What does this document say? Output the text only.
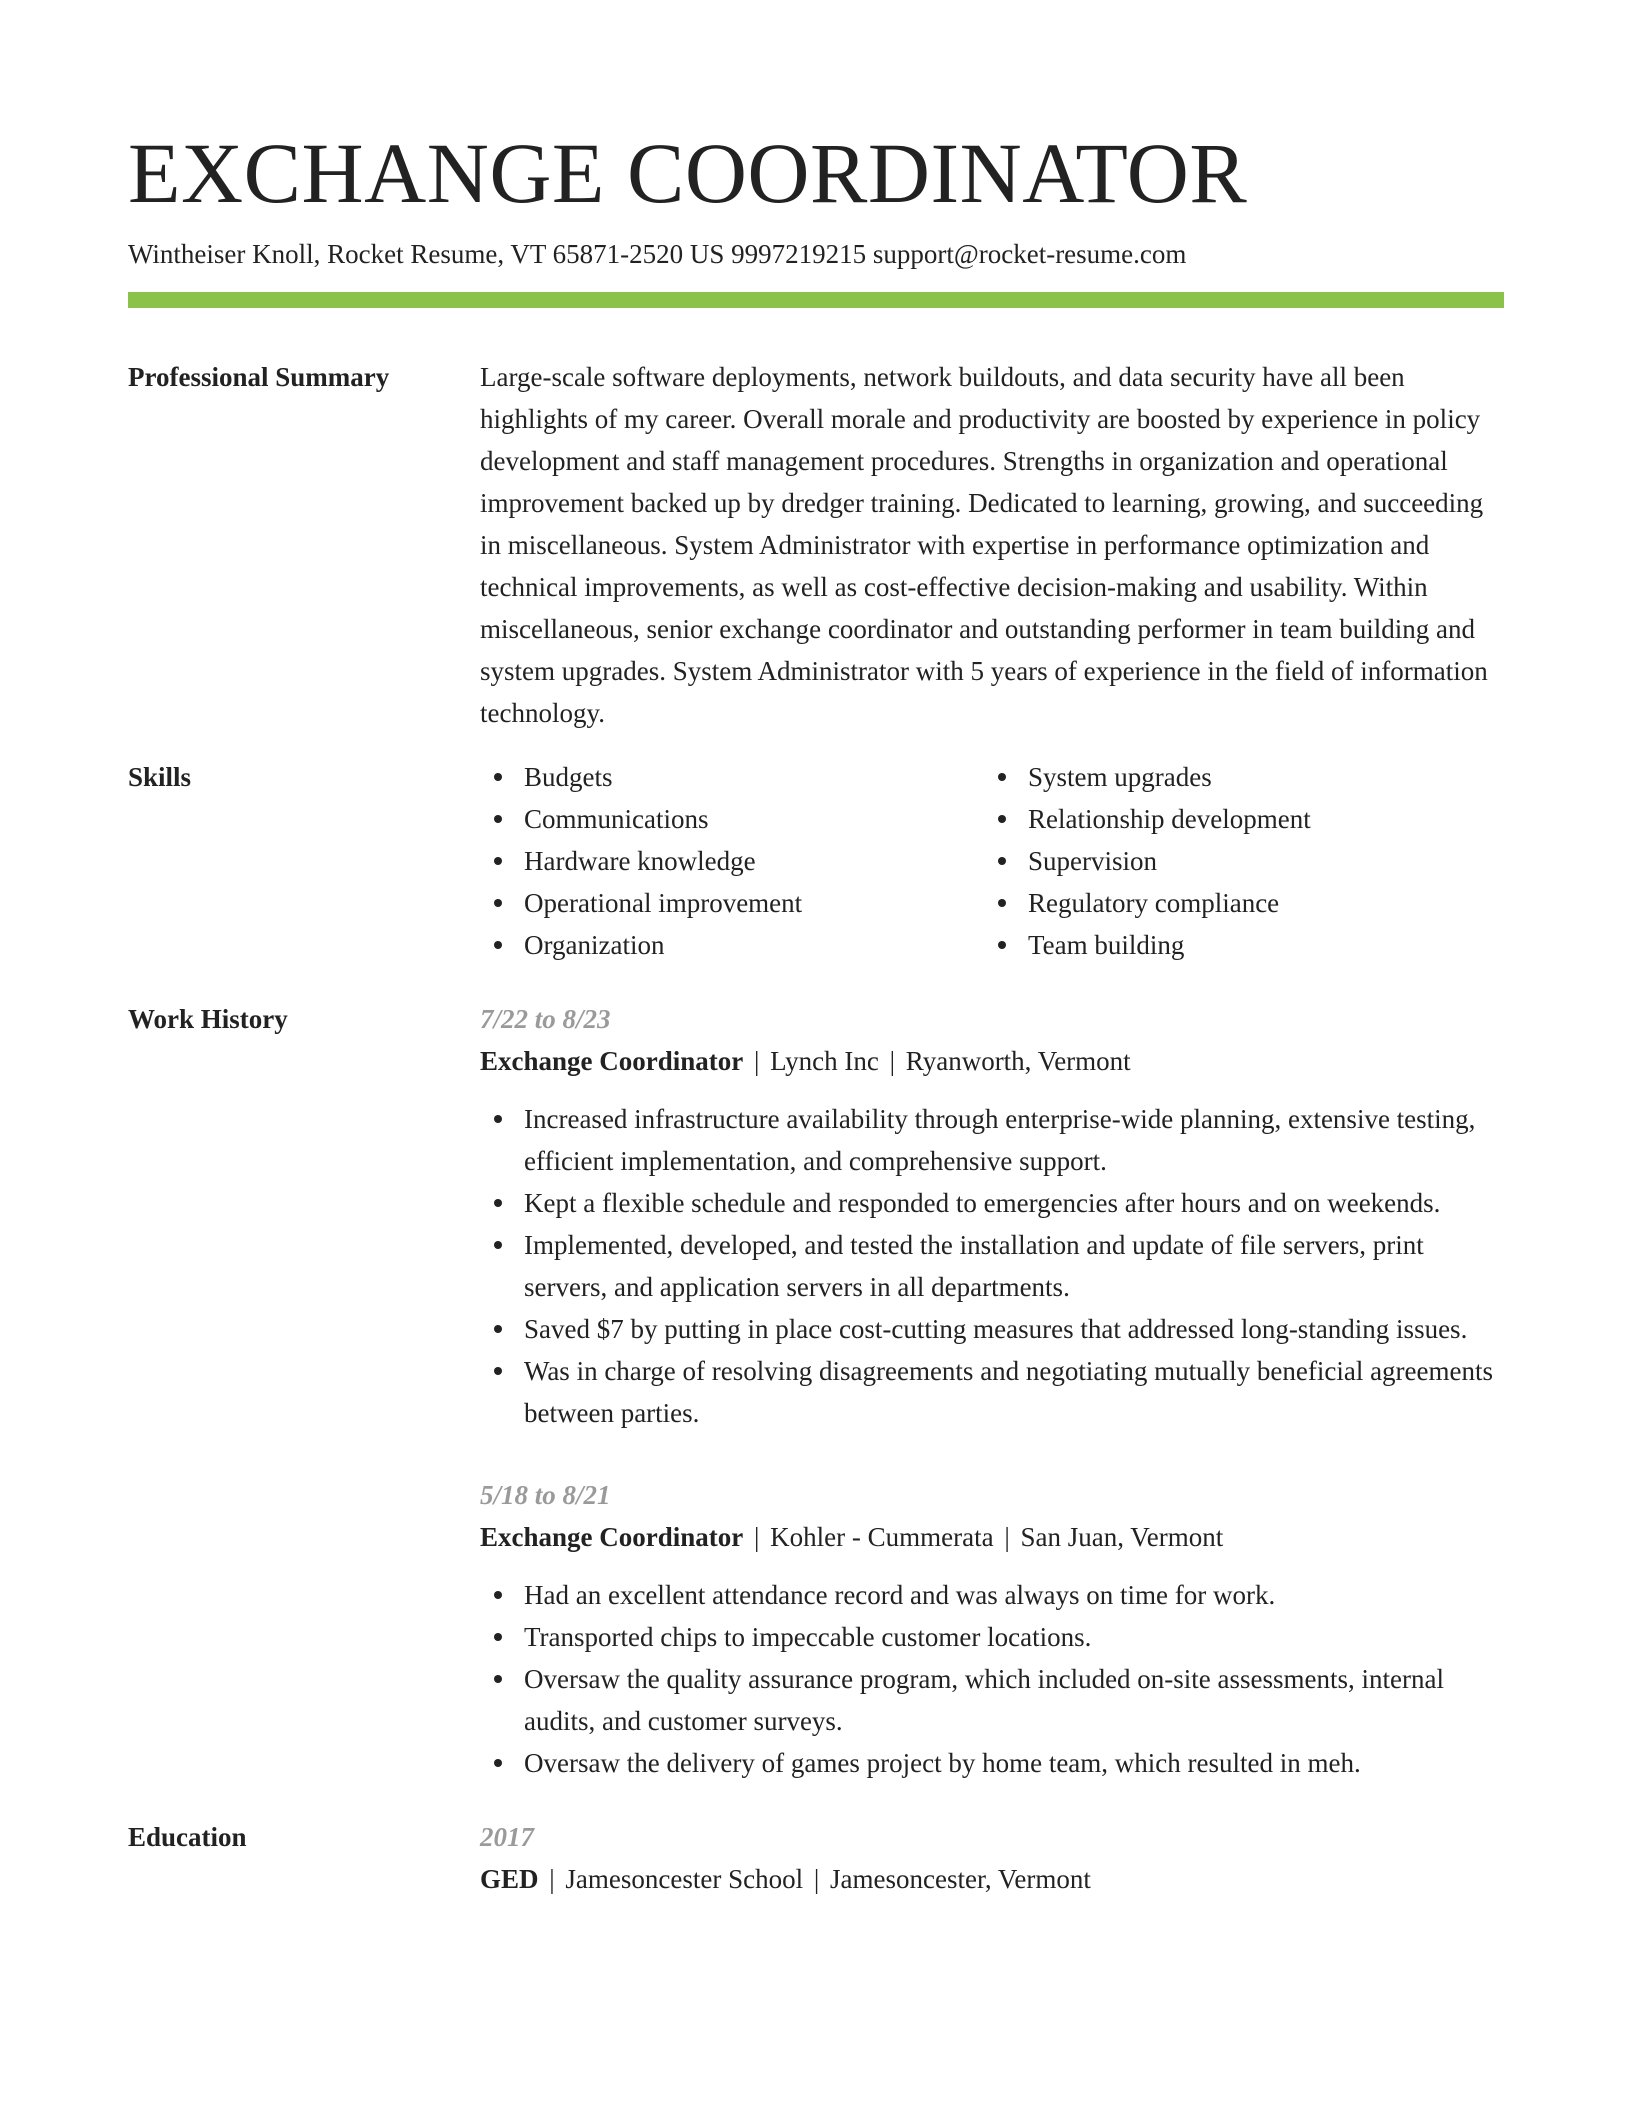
EXCHANGE COORDINATOR
Wintheiser Knoll, Rocket Resume, VT 65871-2520 US 9997219215 support@rocket-resume.com
Professional Summary	Large-scale software deployments, network buildouts, and data security have all been highlights of my career. Overall morale and productivity are boosted by experience in policy development and staff management procedures. Strengths in organization and operational improvement backed up by dredger training. Dedicated to learning, growing, and succeeding in miscellaneous. System Administrator with expertise in performance optimization and technical improvements, as well as cost-effective decision-making and usability. Within miscellaneous, senior exchange coordinator and outstanding performer in team building and system upgrades. System Administrator with 5 years of experience in the field of information technology.

Skills	Budgets
Communications
Hardware knowledge
Operational improvement
Organization
System upgrades
Relationship development
Supervision
Regulatory compliance
Team building
Work History	7/22 to 8/23
Exchange Coordinator | Lynch Inc | Ryanworth, Vermont
Increased infrastructure availability through enterprise-wide planning, extensive testing, efficient implementation, and comprehensive support.
Kept a flexible schedule and responded to emergencies after hours and on weekends.
Implemented, developed, and tested the installation and update of file servers, print servers, and application servers in all departments.
Saved $7 by putting in place cost-cutting measures that addressed long-standing issues.
Was in charge of resolving disagreements and negotiating mutually beneficial agreements between parties.
5/18 to 8/21
Exchange Coordinator | Kohler - Cummerata | San Juan, Vermont
Had an excellent attendance record and was always on time for work.
Transported chips to impeccable customer locations.
Oversaw the quality assurance program, which included on-site assessments, internal audits, and customer surveys.
Oversaw the delivery of games project by home team, which resulted in meh.
Education	2017
GED | Jamesoncester School | Jamesoncester, Vermont
